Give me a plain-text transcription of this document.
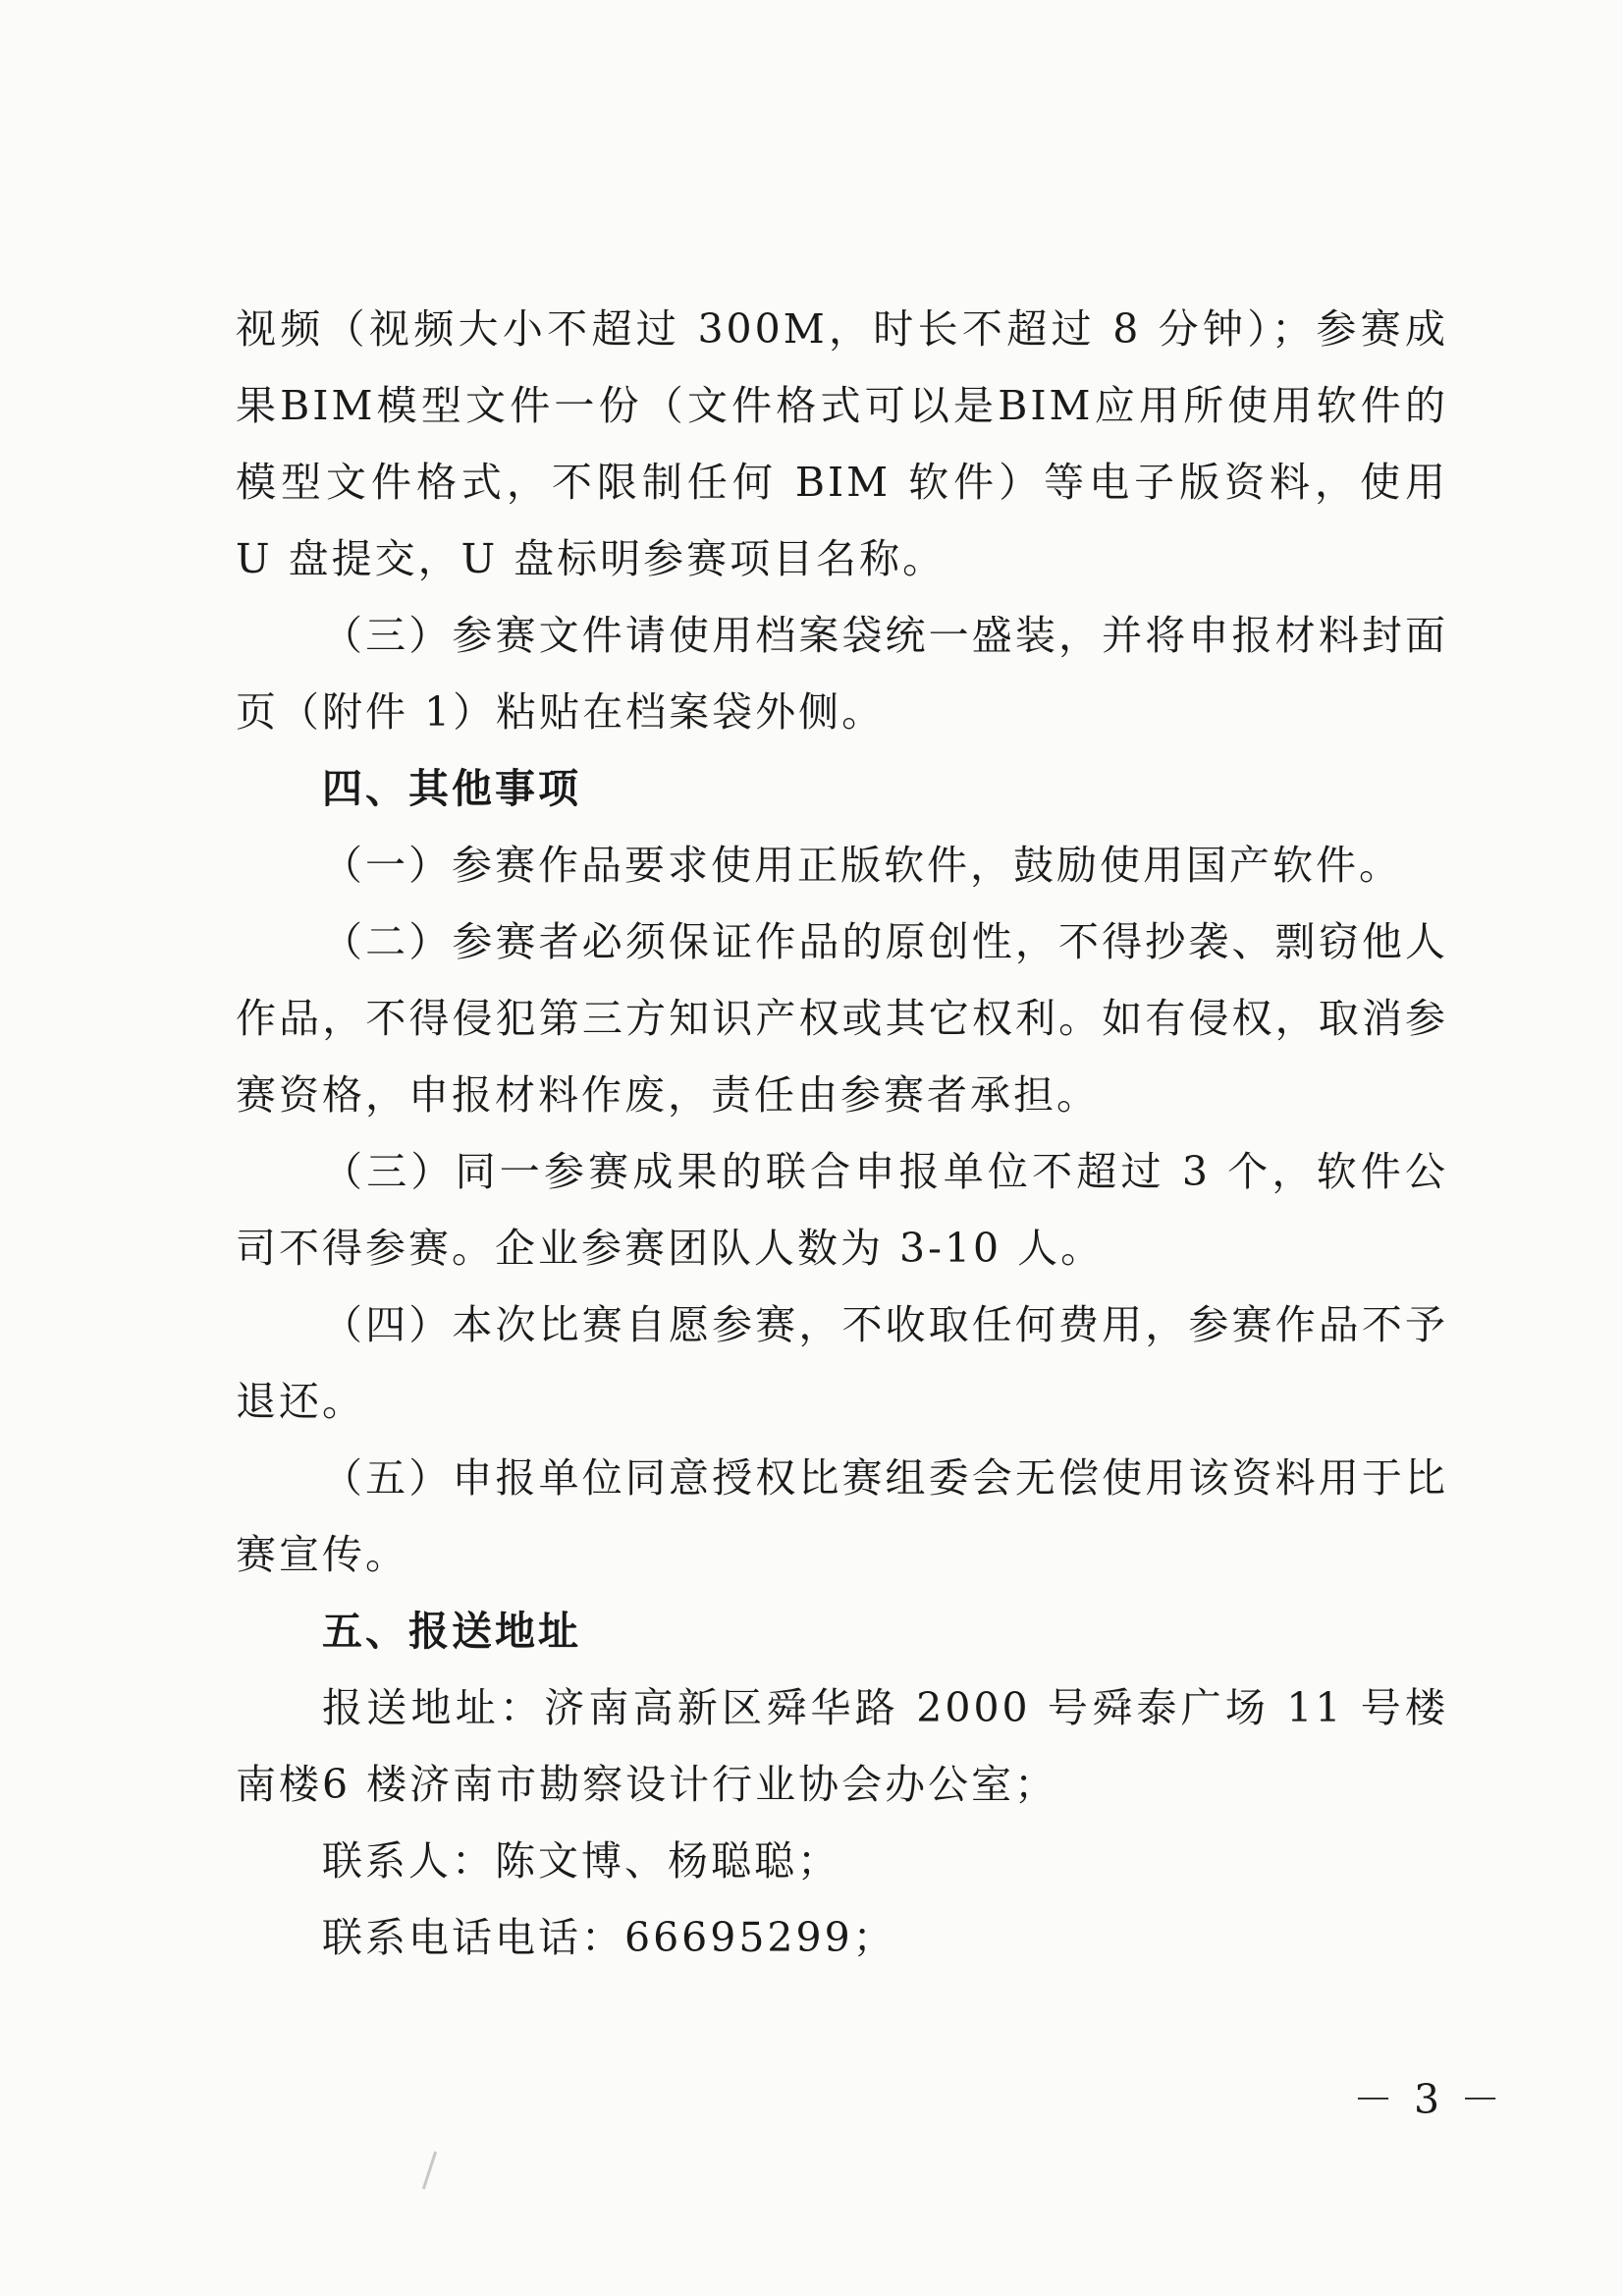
视频（视频大小不超过 300M，时长不超过 8 分钟）；参赛成果BIM模型文件一份（文件格式可以是BIM应用所使用软件的模型文件格式，不限制任何 BIM 软件）等电子版资料，使用 U 盘提交，U 盘标明参赛项目名称。

（三）参赛文件请使用档案袋统一盛装，并将申报材料封面页（附件 1）粘贴在档案袋外侧。

四、其他事项

（一）参赛作品要求使用正版软件，鼓励使用国产软件。

（二）参赛者必须保证作品的原创性，不得抄袭、剽窃他人作品，不得侵犯第三方知识产权或其它权利。如有侵权，取消参赛资格，申报材料作废，责任由参赛者承担。

（三）同一参赛成果的联合申报单位不超过 3 个，软件公司不得参赛。企业参赛团队人数为 3-10 人。

（四）本次比赛自愿参赛，不收取任何费用，参赛作品不予退还。

（五）申报单位同意授权比赛组委会无偿使用该资料用于比赛宣传。

五、报送地址

报送地址：济南高新区舜华路 2000 号舜泰广场 11 号楼南楼6 楼济南市勘察设计行业协会办公室；

联系人：陈文博、杨聪聪；

联系电话电话：66695299；

－ 3 －
